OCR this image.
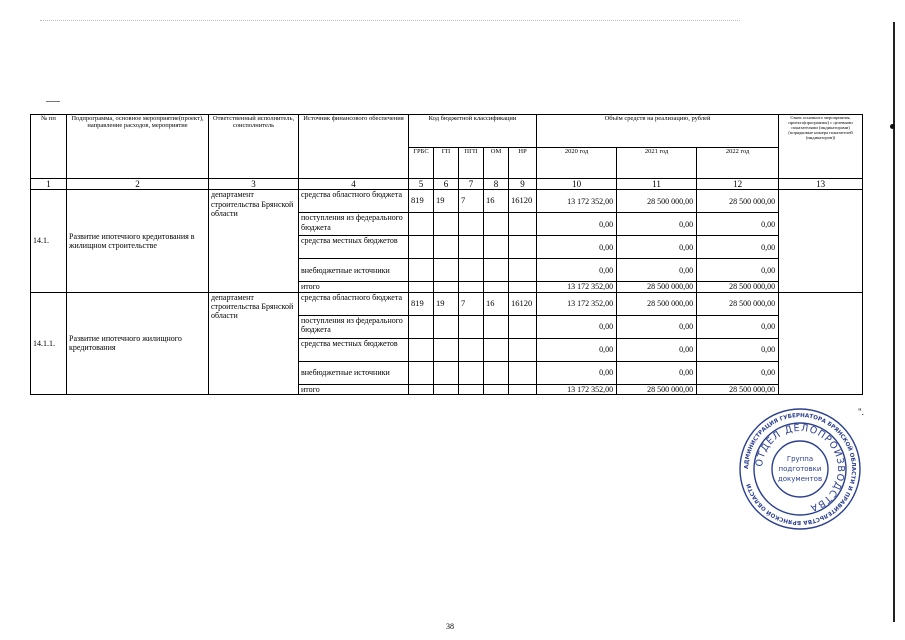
№ пп	Подпрограмма, основное мероприятие(проект), направление расходов, мероприятие	Ответственный исполнитель, соисполнитель	Источник финансового обеспечения	Код бюджетной классификации					Объём средств на реализацию, рублей			Связь основного мероприятия, проекта(программы) с целевыми показателями (индикаторами) (порядковые номера показателей (индикаторов))
				ГРБС	ГП	ПГП	ОМ	НР	2020 год	2021 год	2022 год	
1	2	3	4	5	6	7	8	9	10	11	12	13
14.1.	Развитие ипотечного кредитования в жилищном строительстве	департамент строительства Брянской области	средства областного бюджета	819	19	7	16	16120	13 172 352,00	28 500 000,00	28 500 000,00	
			поступления из федерального бюджета						0,00	0,00	0,00	
			средства местных бюджетов						0,00	0,00	0,00	
			внебюджетные источники						0,00	0,00	0,00	
			итого						13 172 352,00	28 500 000,00	28 500 000,00	
14.1.1.	Развитие ипотечного жилищного кредитования	департамент строительства Брянской области	средства областного бюджета	819	19	7	16	16120	13 172 352,00	28 500 000,00	28 500 000,00	
			поступления из федерального бюджета						0,00	0,00	0,00	
			средства местных бюджетов						0,00	0,00	0,00	
			внебюджетные источники						0,00	0,00	0,00	
			итого						13 172 352,00	28 500 000,00	28 500 000,00	
".
АДМИНИСТРАЦИЯ ГУБЕРНАТОРА БРЯНСКОЙ ОБЛАСТИ И ПРАВИТЕЛЬСТВА БРЯНСКОЙ ОБЛАСТИ
ОТДЕЛ ДЕЛОПРОИЗВОДСТВА
Группа
подготовки
документов
38
